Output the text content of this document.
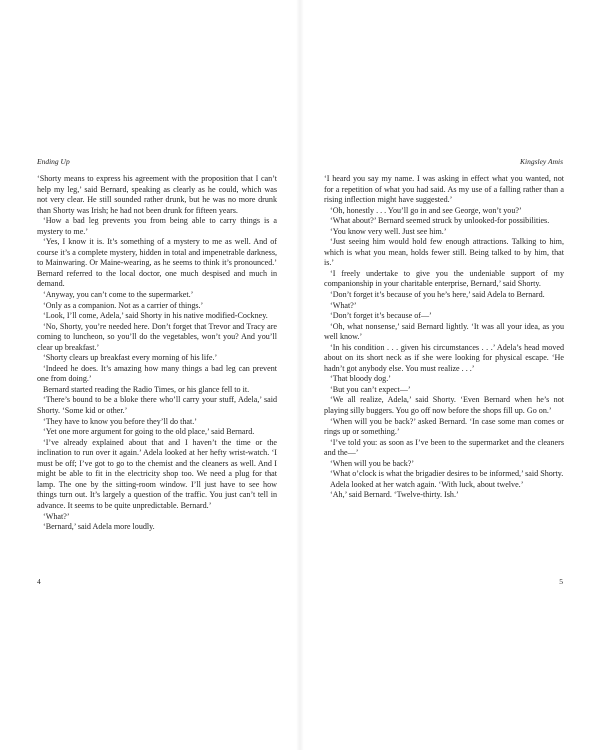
Ending Up

‘Shorty means to express his agreement with the proposition that I can’t help my leg,’ said Bernard, speaking as clearly as he could, which was not very clear. He still sounded rather drunk, but he was no more drunk than Shorty was Irish; he had not been drunk for fifteen years.

‘How a bad leg prevents you from being able to carry things is a mystery to me.’

‘Yes, I know it is. It’s something of a mystery to me as well. And of course it’s a complete mystery, hidden in total and impenetrable darkness, to Mainwaring. Or Maine-wearing, as he seems to think it’s pronounced.’ Bernard referred to the local doctor, one much despised and much in demand.

‘Anyway, you can’t come to the supermarket.’

‘Only as a companion. Not as a carrier of things.’

‘Look, I’ll come, Adela,’ said Shorty in his native modified-Cockney.

‘No, Shorty, you’re needed here. Don’t forget that Trevor and Tracy are coming to luncheon, so you’ll do the vegetables, won’t you? And you’ll clear up breakfast.’

‘Shorty clears up breakfast every morning of his life.’

‘Indeed he does. It’s amazing how many things a bad leg can prevent one from doing.’

Bernard started reading the Radio Times, or his glance fell to it.

‘There’s bound to be a bloke there who’ll carry your stuff, Adela,’ said Shorty. ‘Some kid or other.’

‘They have to know you before they’ll do that.’

‘Yet one more argument for going to the old place,’ said Bernard.

‘I’ve already explained about that and I haven’t the time or the inclination to run over it again.’ Adela looked at her hefty wrist-watch. ‘I must be off; I’ve got to go to the chemist and the cleaners as well. And I might be able to fit in the electricity shop too. We need a plug for that lamp. The one by the sitting-room window. I’ll just have to see how things turn out. It’s largely a question of the traffic. You just can’t tell in advance. It seems to be quite unpredictable. Bernard.’

‘What?’

‘Bernard,’ said Adela more loudly.

4
Kingsley Amis

‘I heard you say my name. I was asking in effect what you wanted, not for a repetition of what you had said. As my use of a falling rather than a rising inflection might have suggested.’

‘Oh, honestly . . . You’ll go in and see George, won’t you?’

‘What about?’ Bernard seemed struck by unlooked-for possibilities.

‘You know very well. Just see him.’

‘Just seeing him would hold few enough attractions. Talking to him, which is what you mean, holds fewer still. Being talked to by him, that is.’

‘I freely undertake to give you the undeniable support of my companionship in your charitable enterprise, Bernard,’ said Shorty.

‘Don’t forget it’s because of you he’s here,’ said Adela to Bernard.

‘What?’

‘Don’t forget it’s because of—’

‘Oh, what nonsense,’ said Bernard lightly. ‘It was all your idea, as you well know.’

‘In his condition . . . given his circumstances . . .’ Adela’s head moved about on its short neck as if she were looking for physical escape. ‘He hadn’t got anybody else. You must realize . . .’

‘That bloody dog.’

‘But you can’t expect—’

‘We all realize, Adela,’ said Shorty. ‘Even Bernard when he’s not playing silly buggers. You go off now before the shops fill up. Go on.’

‘When will you be back?’ asked Bernard. ‘In case some man comes or rings up or something.’

‘I’ve told you: as soon as I’ve been to the supermarket and the cleaners and the—’

‘When will you be back?’

‘What o’clock is what the brigadier desires to be informed,’ said Shorty.

Adela looked at her watch again. ‘With luck, about twelve.’

‘Ah,’ said Bernard. ‘Twelve-thirty. Ish.’

5
